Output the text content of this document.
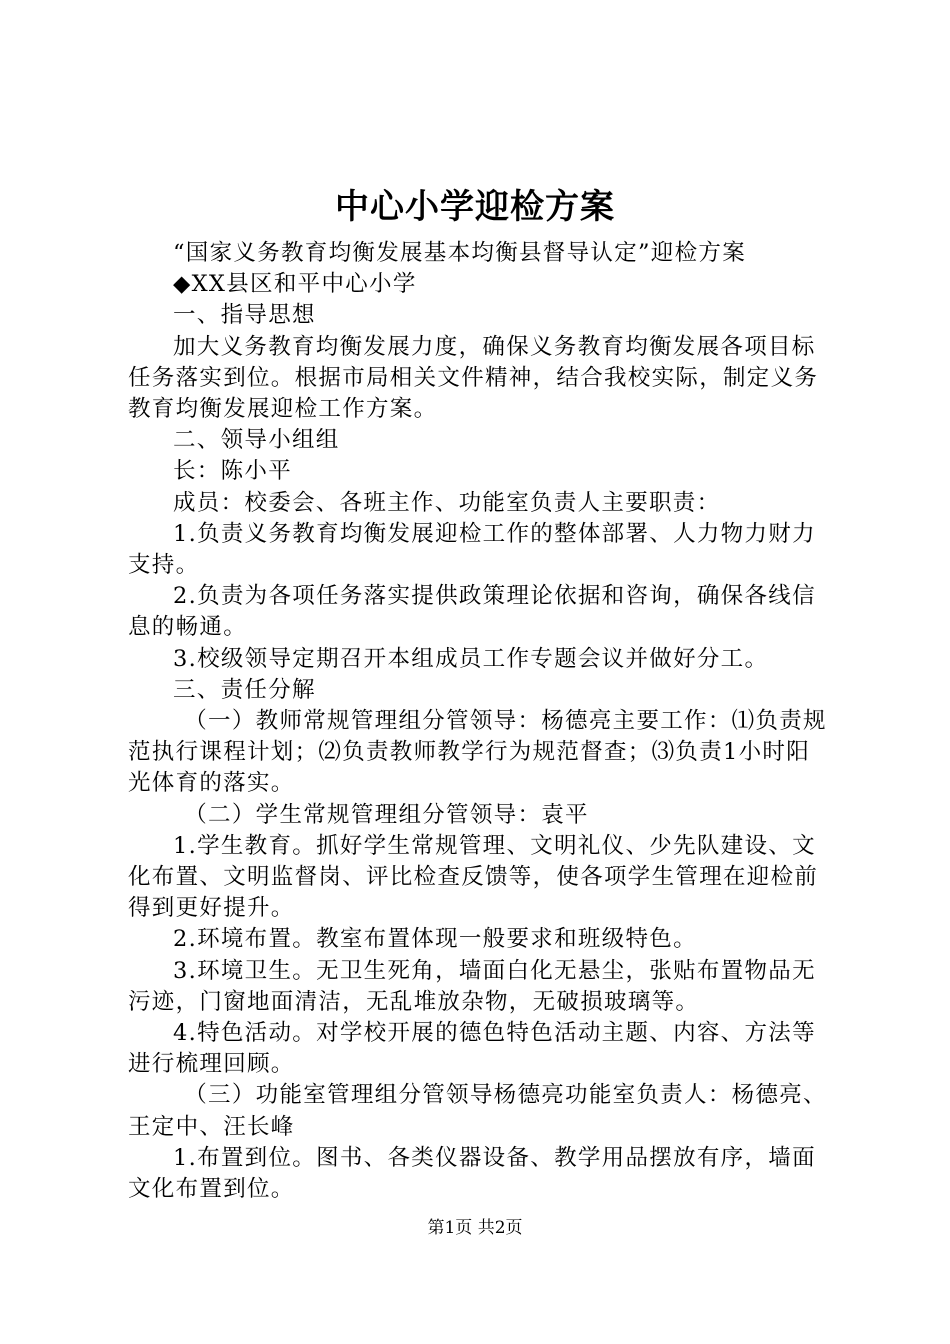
中心小学迎检方案

“国家义务教育均衡发展基本均衡县督导认定”迎检方案

◆XX县区和平中心小学

一、指导思想

加大义务教育均衡发展力度，确保义务教育均衡发展各项目标任务落实到位。根据市局相关文件精神，结合我校实际，制定义务教育均衡发展迎检工作方案。

二、领导小组组

长：陈小平

成员：校委会、各班主作、功能室负责人主要职责：

1.负责义务教育均衡发展迎检工作的整体部署、人力物力财力支持。

2.负责为各项任务落实提供政策理论依据和咨询，确保各线信息的畅通。

3.校级领导定期召开本组成员工作专题会议并做好分工。

三、责任分解

（一）教师常规管理组分管领导：杨德亮主要工作：⑴负责规范执行课程计划；⑵负责教师教学行为规范督查；⑶负责1小时阳光体育的落实。

（二）学生常规管理组分管领导：袁平

1.学生教育。抓好学生常规管理、文明礼仪、少先队建设、文化布置、文明监督岗、评比检查反馈等，使各项学生管理在迎检前得到更好提升。

2.环境布置。教室布置体现一般要求和班级特色。

3.环境卫生。无卫生死角，墙面白化无悬尘，张贴布置物品无污迹，门窗地面清洁，无乱堆放杂物，无破损玻璃等。

4.特色活动。对学校开展的德色特色活动主题、内容、方法等进行梳理回顾。

（三）功能室管理组分管领导杨德亮功能室负责人：杨德亮、王定中、汪长峰

1.布置到位。图书、各类仪器设备、教学用品摆放有序，墙面文化布置到位。

第1页 共2页
